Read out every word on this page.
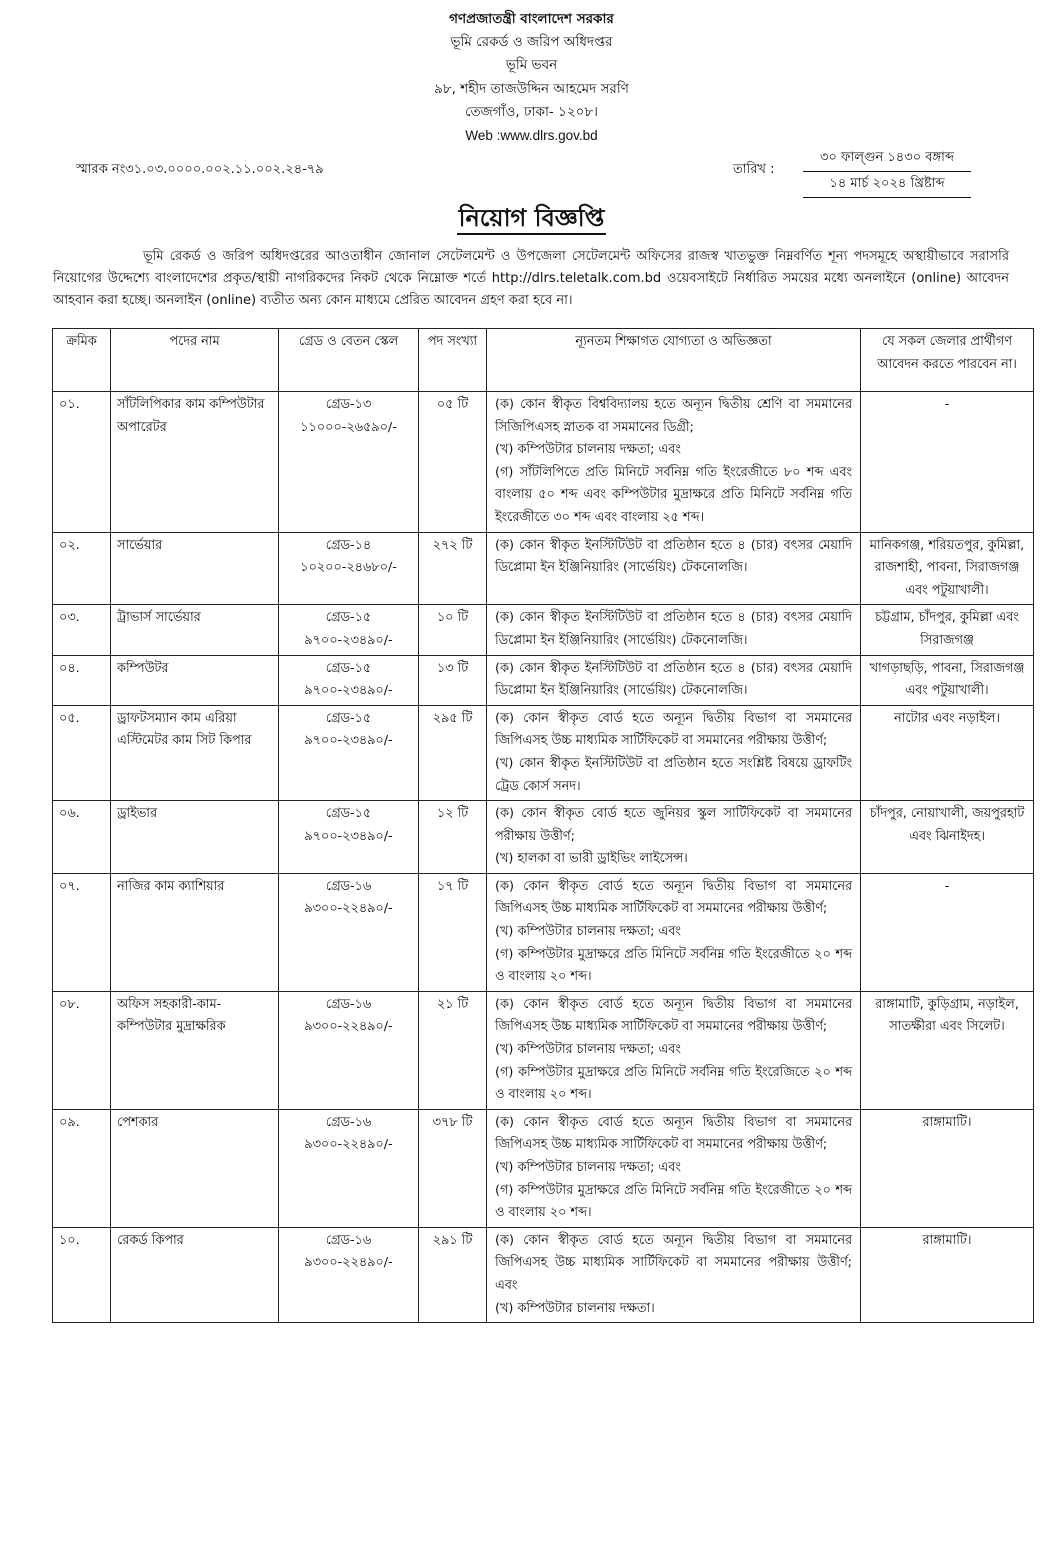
গণপ্রজাতন্ত্রী বাংলাদেশ সরকার
ভূমি রেকর্ড ও জরিপ অধিদপ্তর
ভূমি ভবন
৯৮, শহীদ তাজউদ্দিন আহমেদ সরণি
তেজগাঁও, ঢাকা- ১২০৮।
Web :www.dlrs.gov.bd
স্মারক নং৩১.০৩.০০০০.০০২.১১.০০২.২৪-৭৯	তারিখ :
৩০ ফাল্গুন ১৪৩০ বঙ্গাব্দ
১৪ মার্চ ২০২৪ খ্রিষ্টাব্দ
নিয়োগ বিজ্ঞপ্তি
ভূমি রেকর্ড ও জরিপ অধিদপ্তরের আওতাধীন জোনাল সেটেলমেন্ট ও উপজেলা সেটেলমেন্ট অফিসের রাজস্ব খাতভুক্ত নিম্নবর্ণিত শূন্য পদসমূহে অস্থায়ীভাবে সরাসরি নিয়োগের উদ্দেশ্যে বাংলাদেশের প্রকৃত/স্থায়ী নাগরিকদের নিকট থেকে নিম্নোক্ত শর্তে http://dlrs.teletalk.com.bd ওয়েবসাইটে নির্ধারিত সময়ের মধ্যে অনলাইনে (online) আবেদন আহবান করা হচ্ছে। অনলাইন (online) ব্যতীত অন্য কোন মাধ্যমে প্রেরিত আবেদন গ্রহণ করা হবে না।
ক্রমিক	পদের নাম	গ্রেড ও বেতন স্কেল	পদ সংখ্যা	ন্যূনতম শিক্ষাগত যোগ্যতা ও অভিজ্ঞতা	যে সকল জেলার প্রার্থীগণ আবেদন করতে পারবেন না।

০১.	সাঁটলিপিকার কাম কম্পিউটার অপারেটর	গ্রেড-১৩
১১০০০-২৬৫৯০/-	০৫ টি	(ক) কোন স্বীকৃত বিশ্ববিদ্যালয় হতে অন্যূন দ্বিতীয় শ্রেণি বা সমমানের সিজিপিএসহ স্নাতক বা সমমানের ডিগ্রী;
(খ) কম্পিউটার চালনায় দক্ষতা; এবং
(গ) সাঁটলিপিতে প্রতি মিনিটে সর্বনিম্ন গতি ইংরেজীতে ৮০ শব্দ এবং বাংলায় ৫০ শব্দ এবং কম্পিউটার মুদ্রাক্ষরে প্রতি মিনিটে সর্বনিম্ন গতি ইংরেজীতে ৩০ শব্দ এবং বাংলায় ২৫ শব্দ।	-

০২.	সার্ভেয়ার	গ্রেড-১৪
১০২০০-২৪৬৮০/-	২৭২ টি	(ক) কোন স্বীকৃত ইনস্টিটিউট বা প্রতিষ্ঠান হতে ৪ (চার) বৎসর মেয়াদি ডিপ্লোমা ইন ইঞ্জিনিয়ারিং (সার্ভেয়িং) টেকনোলজি।	মানিকগঞ্জ, শরিয়তপুর, কুমিল্লা, রাজশাহী, পাবনা, সিরাজগঞ্জ এবং পটুয়াখালী।

০৩.	ট্রাভার্স সার্ভেয়ার	গ্রেড-১৫
৯৭০০-২৩৪৯০/-	১০ টি	(ক) কোন স্বীকৃত ইনস্টিটিউট বা প্রতিষ্ঠান হতে ৪ (চার) বৎসর মেয়াদি ডিপ্লোমা ইন ইঞ্জিনিয়ারিং (সার্ভেয়িং) টেকনোলজি।	চট্টগ্রাম, চাঁদপুর, কুমিল্লা এবং সিরাজগঞ্জ

০৪.	কম্পিউটর	গ্রেড-১৫
৯৭০০-২৩৪৯০/-	১৩ টি	(ক) কোন স্বীকৃত ইনস্টিটিউট বা প্রতিষ্ঠান হতে ৪ (চার) বৎসর মেয়াদি ডিপ্লোমা ইন ইঞ্জিনিয়ারিং (সার্ভেয়িং) টেকনোলজি।	খাগড়াছড়ি, পাবনা, সিরাজগঞ্জ এবং পটুয়াখালী।

০৫.	ড্রাফটসম্যান কাম এরিয়া এস্টিমেটর কাম সিট কিপার	গ্রেড-১৫
৯৭০০-২৩৪৯০/-	২৯৫ টি	(ক) কোন স্বীকৃত বোর্ড হতে অন্যূন দ্বিতীয় বিভাগ বা সমমানের জিপিএসহ উচ্চ মাধ্যমিক সার্টিফিকেট বা সমমানের পরীক্ষায় উত্তীর্ণ;
(খ) কোন স্বীকৃত ইনস্টিটিউট বা প্রতিষ্ঠান হতে সংশ্লিষ্ট বিষয়ে ড্রাফটিং ট্রেড কোর্স সনদ।	নাটোর এবং নড়াইল।

০৬.	ড্রাইভার	গ্রেড-১৫
৯৭০০-২৩৪৯০/-	১২ টি	(ক) কোন স্বীকৃত বোর্ড হতে জুনিয়র স্কুল সার্টিফিকেট বা সমমানের পরীক্ষায় উত্তীর্ণ;
(খ) হালকা বা ভারী ড্রাইভিং লাইসেন্স।	চাঁদপুর, নোয়াখালী, জয়পুরহাট এবং ঝিনাইদহ।

০৭.	নাজির কাম ক্যাশিয়ার	গ্রেড-১৬
৯৩০০-২২৪৯০/-	১৭ টি	(ক) কোন স্বীকৃত বোর্ড হতে অন্যূন দ্বিতীয় বিভাগ বা সমমানের জিপিএসহ উচ্চ মাধ্যমিক সার্টিফিকেট বা সমমানের পরীক্ষায় উত্তীর্ণ;
(খ) কম্পিউটার চালনায় দক্ষতা; এবং
(গ) কম্পিউটার মুদ্রাক্ষরে প্রতি মিনিটে সর্বনিম্ন গতি ইংরেজীতে ২০ শব্দ ও বাংলায় ২০ শব্দ।	-

০৮.	অফিস সহকারী-কাম-কম্পিউটার মুদ্রাক্ষরিক	গ্রেড-১৬
৯৩০০-২২৪৯০/-	২১ টি	(ক) কোন স্বীকৃত বোর্ড হতে অন্যূন দ্বিতীয় বিভাগ বা সমমানের জিপিএসহ উচ্চ মাধ্যমিক সার্টিফিকেট বা সমমানের পরীক্ষায় উত্তীর্ণ;
(খ) কম্পিউটার চালনায় দক্ষতা; এবং
(গ) কম্পিউটার মুদ্রাক্ষরে প্রতি মিনিটে সর্বনিম্ন গতি ইংরেজিতে ২০ শব্দ ও বাংলায় ২০ শব্দ।	রাঙ্গামাটি, কুড়িগ্রাম, নড়াইল, সাতক্ষীরা এবং সিলেট।

০৯.	পেশকার	গ্রেড-১৬
৯৩০০-২২৪৯০/-	৩৭৮ টি	(ক) কোন স্বীকৃত বোর্ড হতে অন্যূন দ্বিতীয় বিভাগ বা সমমানের জিপিএসহ উচ্চ মাধ্যমিক সার্টিফিকেট বা সমমানের পরীক্ষায় উত্তীর্ণ;
(খ) কম্পিউটার চালনায় দক্ষতা; এবং
(গ) কম্পিউটার মুদ্রাক্ষরে প্রতি মিনিটে সর্বনিম্ন গতি ইংরেজীতে ২০ শব্দ ও বাংলায় ২০ শব্দ।	রাঙ্গামাটি।

১০.	রেকর্ড কিপার	গ্রেড-১৬
৯৩০০-২২৪৯০/-	২৯১ টি	(ক) কোন স্বীকৃত বোর্ড হতে অন্যূন দ্বিতীয় বিভাগ বা সমমানের জিপিএসহ উচ্চ মাধ্যমিক সার্টিফিকেট বা সমমানের পরীক্ষায় উত্তীর্ণ; এবং
(খ) কম্পিউটার চালনায় দক্ষতা।	রাঙ্গামাটি।
